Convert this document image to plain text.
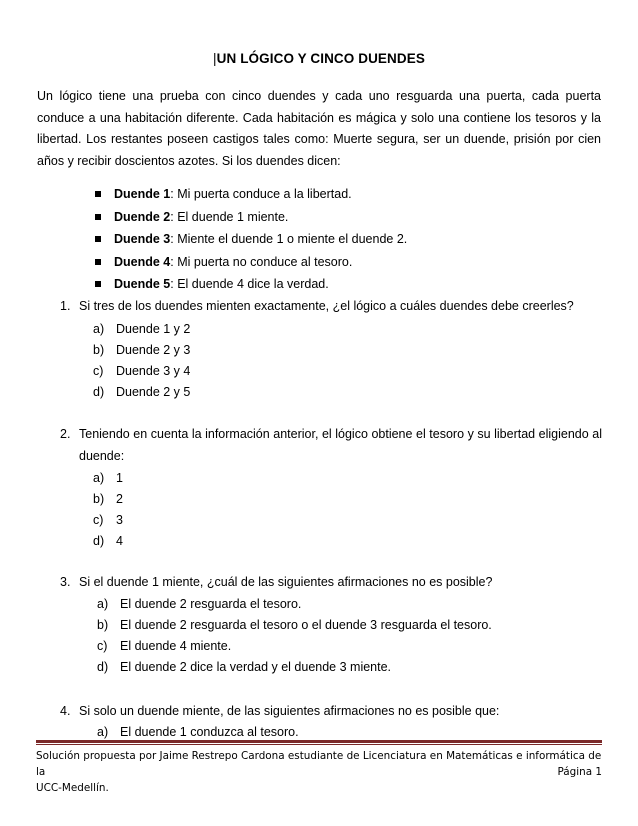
|UN LÓGICO Y CINCO DUENDES
Un lógico tiene una prueba con cinco duendes y cada uno resguarda una puerta, cada puerta conduce a una habitación diferente. Cada habitación es mágica y solo una contiene los tesoros y la libertad. Los restantes poseen castigos tales como: Muerte segura, ser un duende, prisión por cien años y recibir doscientos azotes. Si los duendes dicen:
Duende 1: Mi puerta conduce a la libertad.
Duende 2: El duende 1 miente.
Duende 3: Miente el duende 1 o miente el duende 2.
Duende 4: Mi puerta no conduce al tesoro.
Duende 5: El duende 4 dice la verdad.
1. Si tres de los duendes mienten exactamente, ¿el lógico a cuáles duendes debe creerles?
a) Duende 1 y 2
b) Duende 2 y 3
c) Duende 3 y 4
d) Duende 2 y 5
2. Teniendo en cuenta la información anterior, el lógico obtiene el tesoro y su libertad eligiendo al duende:
a) 1
b) 2
c) 3
d) 4
3. Si el duende 1 miente, ¿cuál de las siguientes afirmaciones no es posible?
a) El duende 2 resguarda el tesoro.
b) El duende 2 resguarda el tesoro o el duende 3 resguarda el tesoro.
c) El duende 4 miente.
d) El duende 2 dice la verdad y el duende 3 miente.
4. Si solo un duende miente, de las siguientes afirmaciones no es posible que:
a) El duende 1 conduzca al tesoro.
Solución propuesta por Jaime Restrepo Cardona estudiante de Licenciatura en Matemáticas e informática de la
UCC-Medellín.
Página 1
